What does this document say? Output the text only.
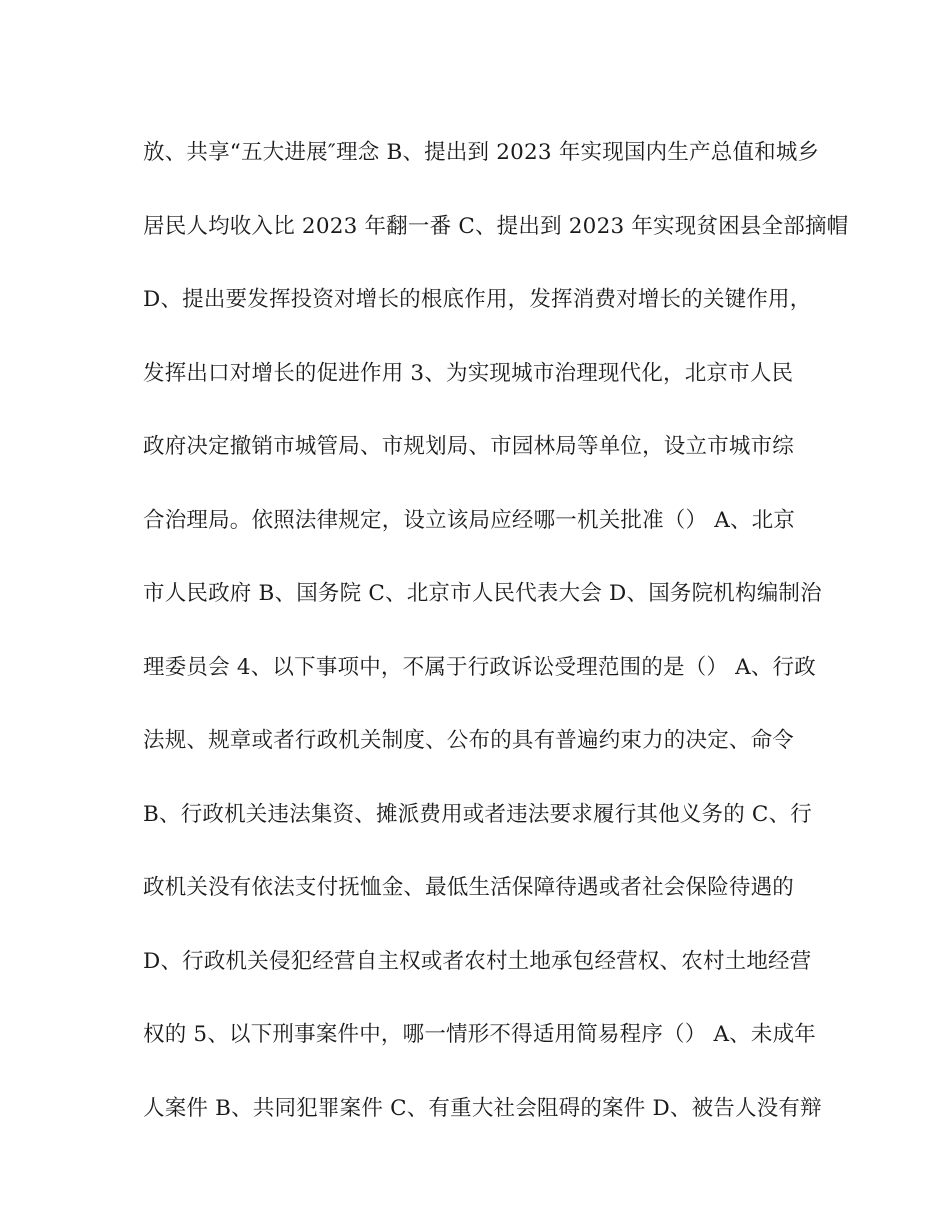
放、共享“五大进展″理念 B、提出到 2023 年实现国内生产总值和城乡
居民人均收入比 2023 年翻一番 C、提出到 2023 年实现贫困县全部摘帽
D、提出要发挥投资对增长的根底作用，发挥消费对增长的关键作用，
发挥出口对增长的促进作用 3、为实现城市治理现代化，北京市人民
政府决定撤销市城管局、市规划局、市园林局等单位，设立市城市综
合治理局。依照法律规定，设立该局应经哪一机关批准（） A、北京
市人民政府 B、国务院 C、北京市人民代表大会 D、国务院机构编制治
理委员会 4、以下事项中，不属于行政诉讼受理范围的是（） A、行政
法规、规章或者行政机关制度、公布的具有普遍约束力的决定、命令
B、行政机关违法集资、摊派费用或者违法要求履行其他义务的 C、行
政机关没有依法支付抚恤金、最低生活保障待遇或者社会保险待遇的
D、行政机关侵犯经营自主权或者农村土地承包经营权、农村土地经营
权的 5、以下刑事案件中，哪一情形不得适用简易程序（） A、未成年
人案件 B、共同犯罪案件 C、有重大社会阻碍的案件 D、被告人没有辩
